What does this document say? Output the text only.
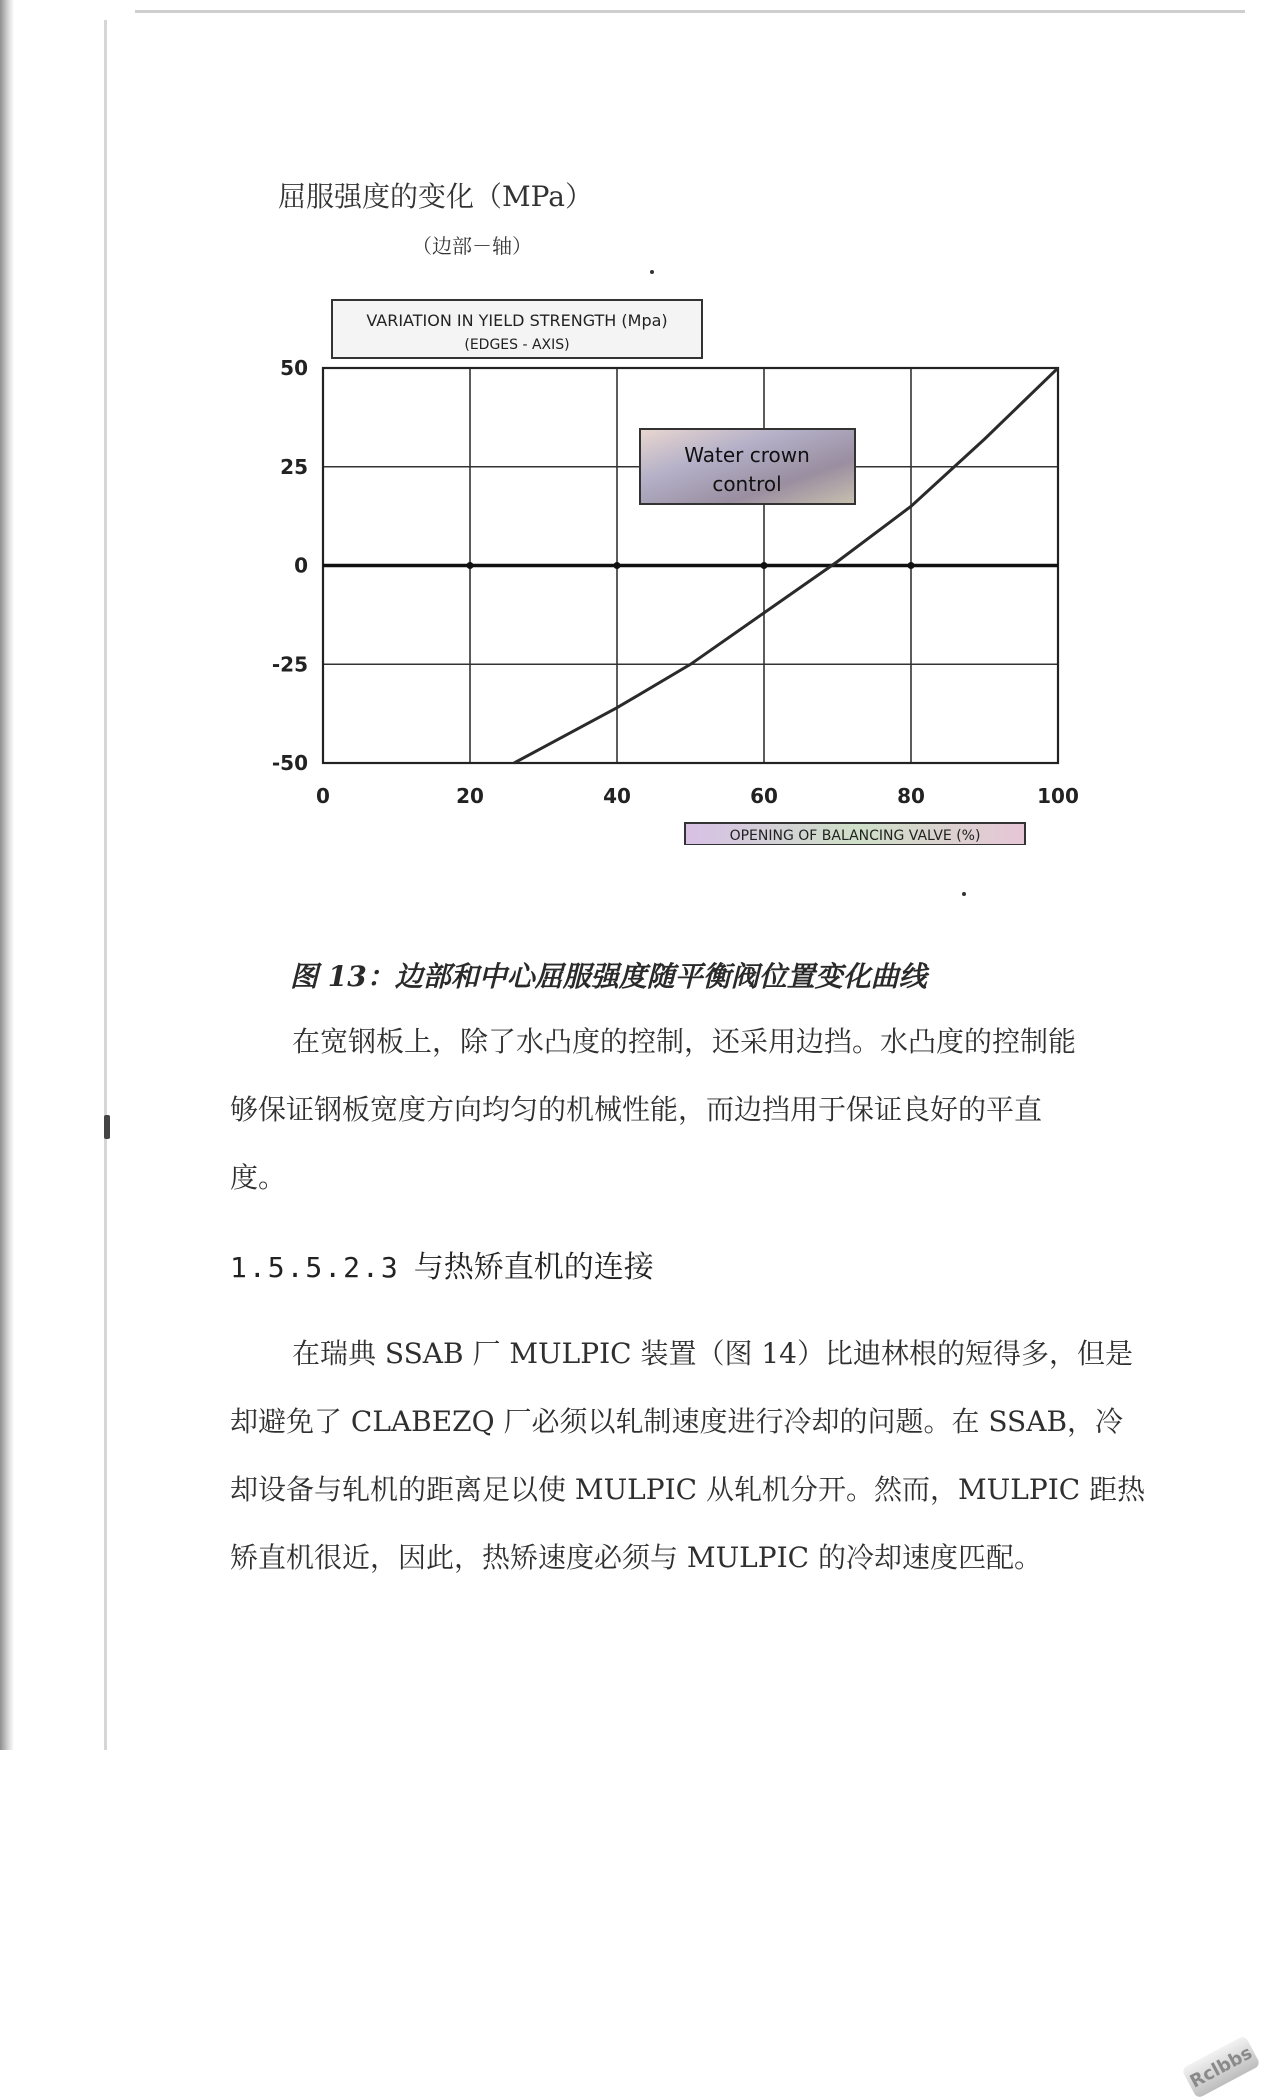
屈服强度的变化（MPa）
（边部－轴）
0	20	40	60	80	100
50
25
0
-25
-50
VARIATION IN YIELD STRENGTH (Mpa)
(EDGES - AXIS)
Water crown
control
OPENING OF BALANCING VALVE (%)
图 13：边部和中心屈服强度随平衡阀位置变化曲线
在宽钢板上，除了水凸度的控制，还采用边挡。水凸度的控制能
够保证钢板宽度方向均匀的机械性能，而边挡用于保证良好的平直
度。
1.5.5.2.3 与热矫直机的连接
在瑞典 SSAB 厂 MULPIC 装置（图 14）比迪林根的短得多，但是
却避免了 CLABEZQ 厂必须以轧制速度进行冷却的问题。在 SSAB，冷
却设备与轧机的距离足以使 MULPIC 从轧机分开。然而，MULPIC 距热
矫直机很近，因此，热矫速度必须与 MULPIC 的冷却速度匹配。
Rclbbs
